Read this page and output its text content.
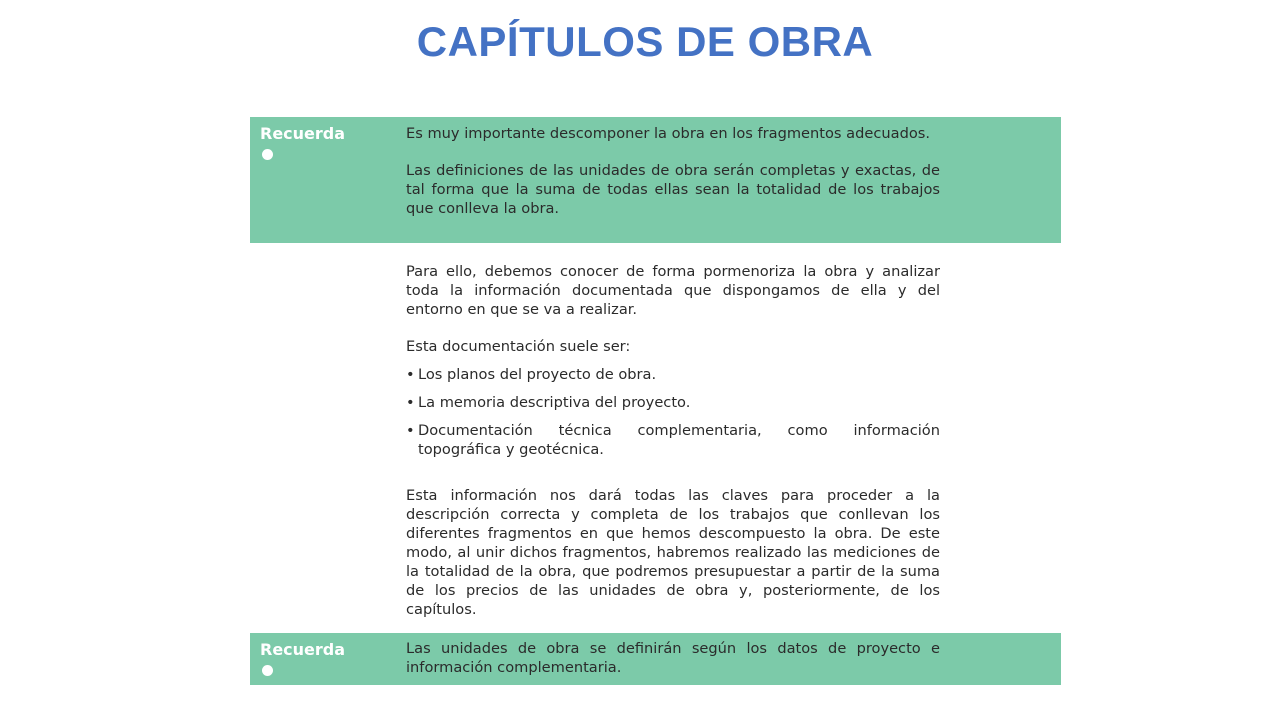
CAPÍTULOS DE OBRA
Recuerda	Es muy importante descomponer la obra en los fragmentos adecuados.

Las definiciones de las unidades de obra serán completas y exactas, de tal forma que la suma de todas ellas sean la totalidad de los trabajos que conlleva la obra.

Para ello, debemos conocer de forma pormenoriza la obra y analizar toda la información documentada que dispongamos de ella y del entorno en que se va a realizar.

Esta documentación suele ser:

• Los planos del proyecto de obra.
• La memoria descriptiva del proyecto.
• Documentación técnica complementaria, como información topográfica y geotécnica.

Esta información nos dará todas las claves para proceder a la descripción correcta y completa de los trabajos que conllevan los diferentes fragmentos en que hemos descompuesto la obra. De este modo, al unir dichos fragmentos, habremos realizado las mediciones de la totalidad de la obra, que podremos presupuestar a partir de la suma de los precios de las unidades de obra y, posteriormente, de los capítulos.

Recuerda	Las unidades de obra se definirán según los datos de proyecto e información complementaria.
